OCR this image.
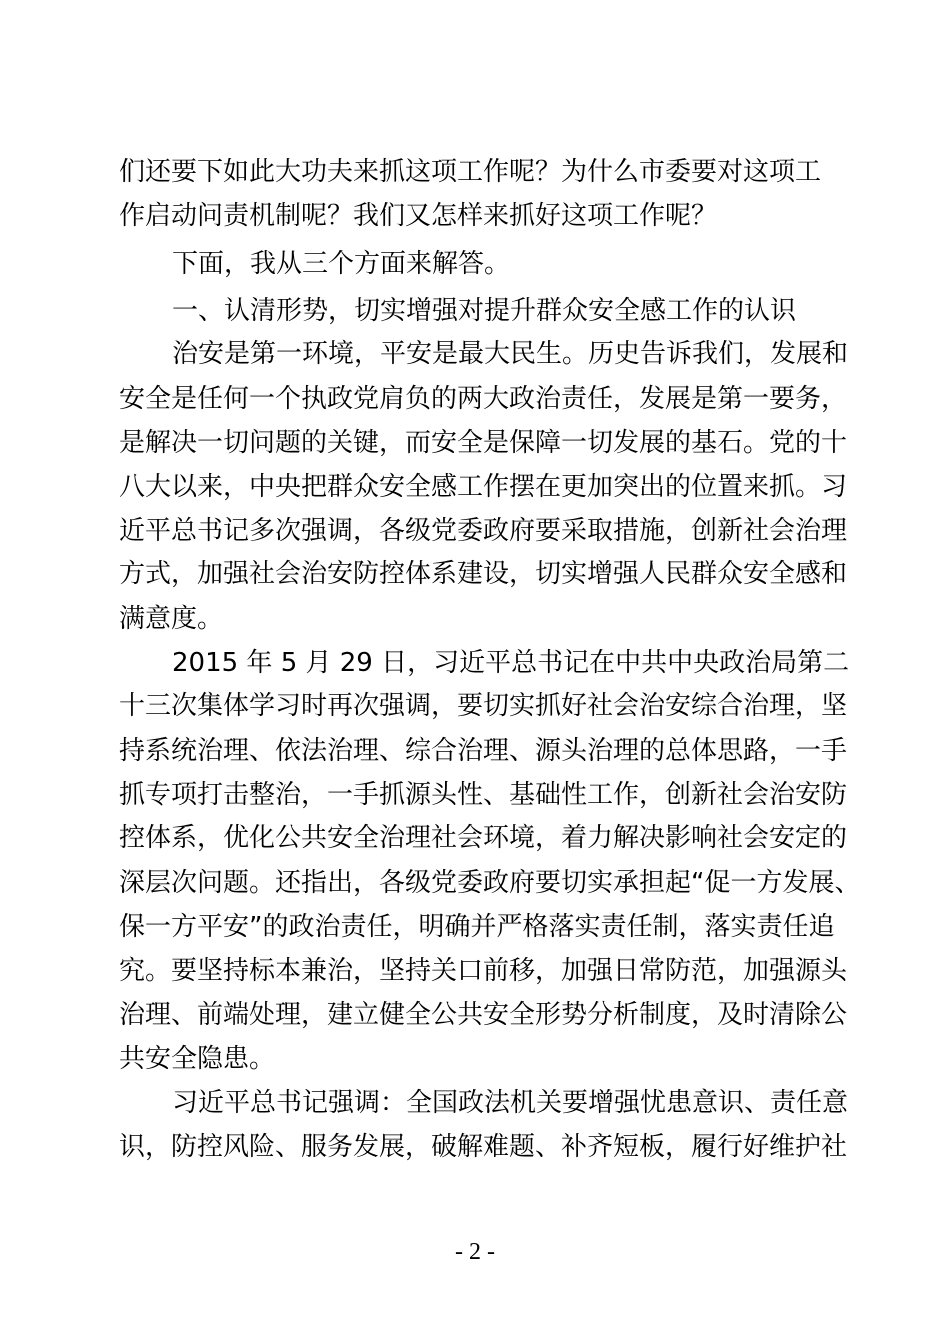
们还要下如此大功夫来抓这项工作呢？为什么市委要对这项工
作启动问责机制呢？我们又怎样来抓好这项工作呢？
下面，我从三个方面来解答。
一、认清形势，切实增强对提升群众安全感工作的认识
治安是第一环境，平安是最大民生。历史告诉我们，发展和
安全是任何一个执政党肩负的两大政治责任，发展是第一要务，
是解决一切问题的关键，而安全是保障一切发展的基石。党的十
八大以来，中央把群众安全感工作摆在更加突出的位置来抓。习
近平总书记多次强调，各级党委政府要采取措施，创新社会治理
方式，加强社会治安防控体系建设，切实增强人民群众安全感和
满意度。
2015 年 5 月 29 日，习近平总书记在中共中央政治局第二
十三次集体学习时再次强调，要切实抓好社会治安综合治理，坚
持系统治理、依法治理、综合治理、源头治理的总体思路，一手
抓专项打击整治，一手抓源头性、基础性工作，创新社会治安防
控体系，优化公共安全治理社会环境，着力解决影响社会安定的
深层次问题。还指出，各级党委政府要切实承担起“促一方发展、
保一方平安”的政治责任，明确并严格落实责任制，落实责任追
究。要坚持标本兼治，坚持关口前移，加强日常防范，加强源头
治理、前端处理，建立健全公共安全形势分析制度，及时清除公
共安全隐患。
习近平总书记强调：全国政法机关要增强忧患意识、责任意
识，防控风险、服务发展，破解难题、补齐短板，履行好维护社
- 2 -
